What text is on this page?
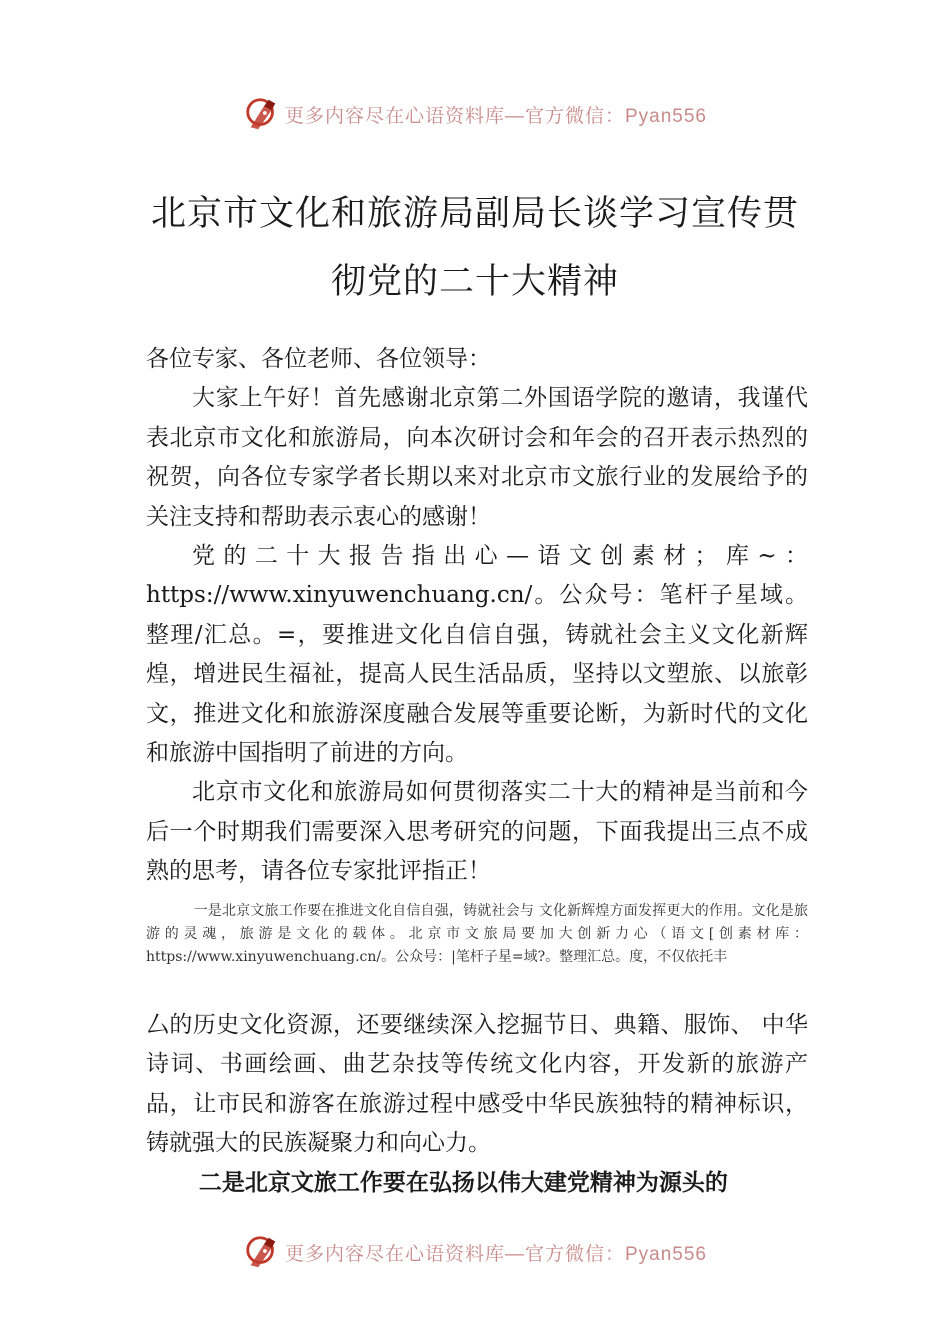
更多内容尽在心语资料库—官方微信：Pyan556
北京市文化和旅游局副局长谈学习宣传贯
彻党的二十大精神

各位专家、各位老师、各位领导：

大家上午好！首先感谢北京第二外国语学院的邀请，我谨代表北京市文化和旅游局，向本次研讨会和年会的召开表示热烈的祝贺，向各位专家学者长期以来对北京市文旅行业的发展给予的关注支持和帮助表示衷心的感谢！

党的二十大报告指出心—语文创素材；库~：https://www.xinyuwenchuang.cn/。公众号：笔杆子星域。整理/汇总。=，要推进文化自信自强，铸就社会主义文化新辉煌，增进民生福祉，提高人民生活品质，坚持以文塑旅、以旅彰文，推进文化和旅游深度融合发展等重要论断，为新时代的文化和旅游中国指明了前进的方向。

北京市文化和旅游局如何贯彻落实二十大的精神是当前和今后一个时期我们需要深入思考研究的问题，下面我提出三点不成熟的思考，请各位专家批评指正！

一是北京文旅工作要在推进文化自信自强，铸就社会与 文化新辉煌方面发挥更大的作用。文化是旅游的灵魂，旅游是文化的载体。北京市文旅局要加大创新力心（语文[创素材库：https://www.xinyuwenchuang.cn/。公众号：|笔杆子星=域?。整理汇总。度，不仅依托丰

厶的历史文化资源，还要继续深入挖掘节日、典籍、服饰、 中华诗词、书画绘画、曲艺杂技等传统文化内容，开发新的旅游产品，让市民和游客在旅游过程中感受中华民族独特的精神标识，铸就强大的民族凝聚力和向心力。

二是北京文旅工作要在弘扬以伟大建党精神为源头的

更多内容尽在心语资料库—官方微信：Pyan556
